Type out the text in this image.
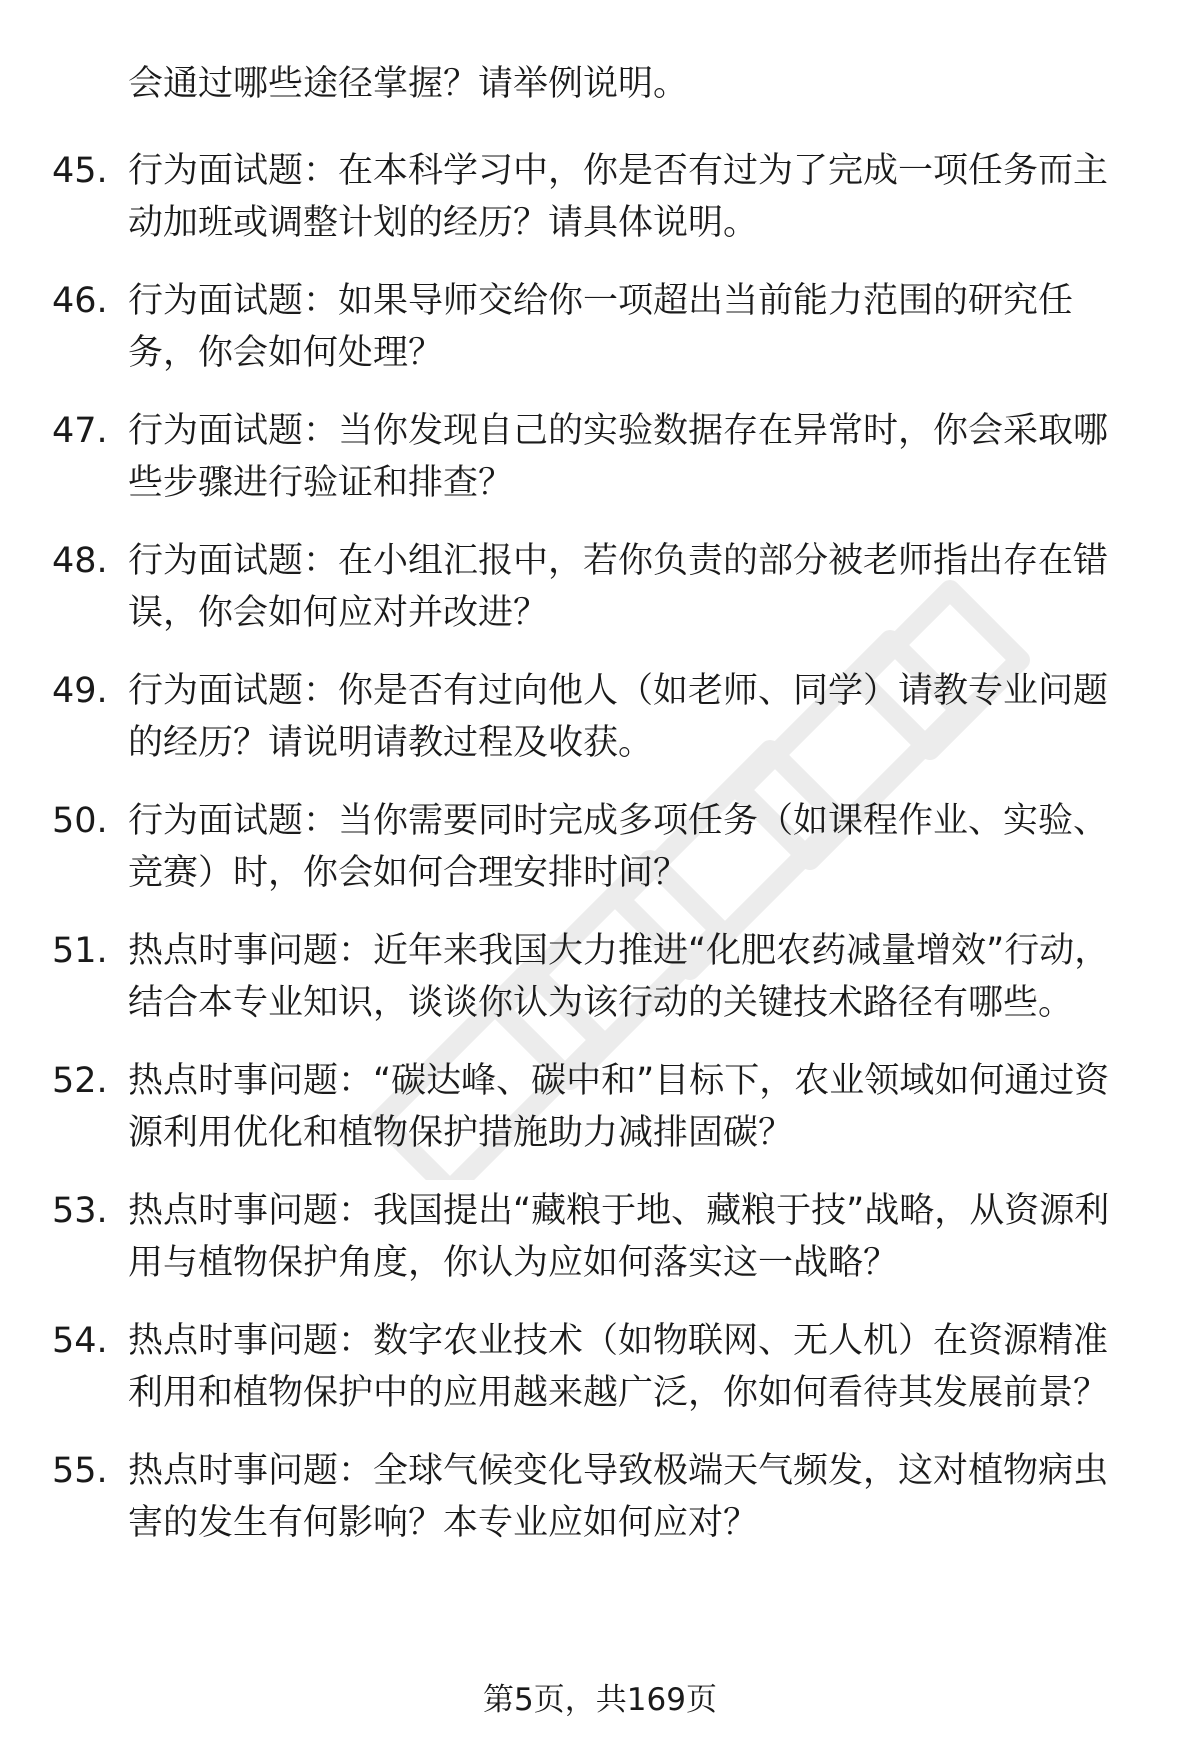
会通过哪些途径掌握？请举例说明。
45. 行为面试题：在本科学习中，你是否有过为了完成一项任务而主动加班或调整计划的经历？请具体说明。
46. 行为面试题：如果导师交给你一项超出当前能力范围的研究任务，你会如何处理？
47. 行为面试题：当你发现自己的实验数据存在异常时，你会采取哪些步骤进行验证和排查？
48. 行为面试题：在小组汇报中，若你负责的部分被老师指出存在错误，你会如何应对并改进？
49. 行为面试题：你是否有过向他人（如老师、同学）请教专业问题的经历？请说明请教过程及收获。
50. 行为面试题：当你需要同时完成多项任务（如课程作业、实验、竞赛）时，你会如何合理安排时间？
51. 热点时事问题：近年来我国大力推进“化肥农药减量增效”行动，结合本专业知识，谈谈你认为该行动的关键技术路径有哪些。
52. 热点时事问题：“碳达峰、碳中和”目标下，农业领域如何通过资源利用优化和植物保护措施助力减排固碳？
53. 热点时事问题：我国提出“藏粮于地、藏粮于技”战略，从资源利用与植物保护角度，你认为应如何落实这一战略？
54. 热点时事问题：数字农业技术（如物联网、无人机）在资源精准利用和植物保护中的应用越来越广泛，你如何看待其发展前景？
55. 热点时事问题：全球气候变化导致极端天气频发，这对植物病虫害的发生有何影响？本专业应如何应对？
第5页，共169页
